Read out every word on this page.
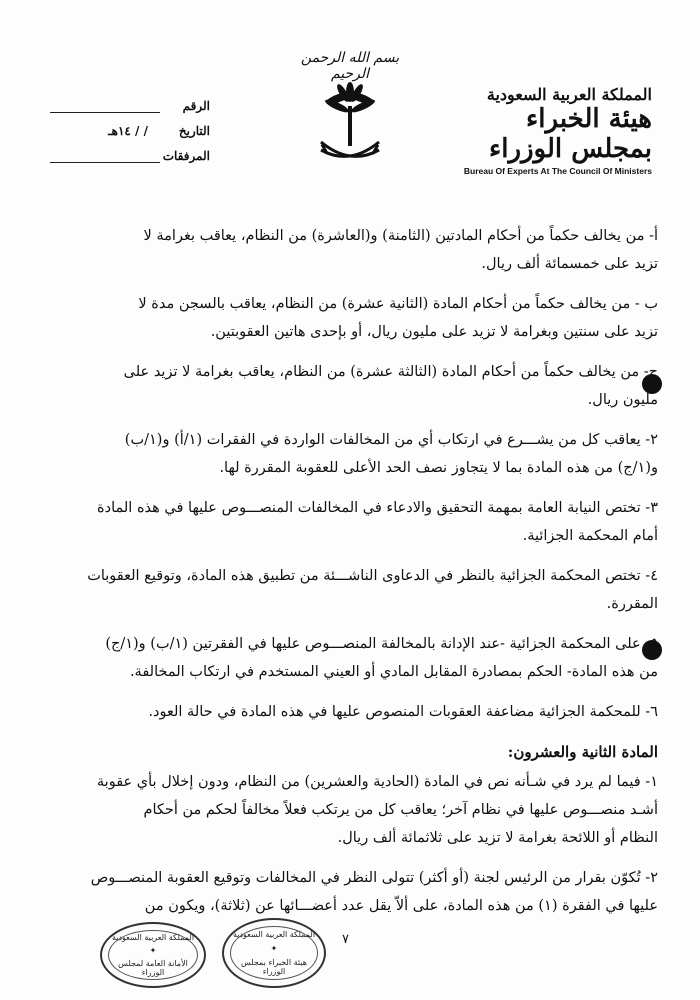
الرقم
التاريخ
/ / ١٤هـ
المرفقات
بسم الله الرحمن الرحيم
المملكة العربية السعودية
هيئة الخبراء بمجلس الوزراء
Bureau Of Experts At The Council Of Ministers

أ- من يخالف حكماً من أحكام المادتين (الثامنة) و(العاشرة) من النظام، يعاقب بغرامة لا

تزيد على خمسمائة ألف ريال.

ب - من يخالف حكماً من أحكام المادة (الثانية عشرة) من النظام، يعاقب بالسجن مدة لا

تزيد على سنتين وبغرامة لا تزيد على مليون ريال، أو بإحدى هاتين العقوبتين.

ج- من يخالف حكماً من أحكام المادة (الثالثة عشرة) من النظام، يعاقب بغرامة لا تزيد على

مليون ريال.

٢- يعاقب كل من يشـــرع في ارتكاب أي من المخالفات الواردة في الفقرات (١/أ) و(١/ب)

و(١/ج) من هذه المادة بما لا يتجاوز نصف الحد الأعلى للعقوبة المقررة لها.

٣- تختص النيابة العامة بمهمة التحقيق والادعاء في المخالفات المنصـــوص عليها في هذه المادة

أمام المحكمة الجزائية.

٤- تختص المحكمة الجزائية بالنظر في الدعاوى الناشـــئة من تطبيق هذه المادة، وتوقيع العقوبات

المقررة.

٥- على المحكمة الجزائية -عند الإدانة بالمخالفة المنصـــوص عليها في الفقرتين (١/ب) و(١/ج)

من هذه المادة- الحكم بمصادرة المقابل المادي أو العيني المستخدم في ارتكاب المخالفة.

٦- للمحكمة الجزائية مضاعفة العقوبات المنصوص عليها في هذه المادة في حالة العود.

المادة الثانية والعشرون:

١- فيما لم يرد في شـأنه نص في المادة (الحادية والعشرين) من النظام، ودون إخلال بأي عقوبة

أشـد منصـــوص عليها في نظام آخر؛ يعاقب كل من يرتكب فعلاً مخالفاً لحكم من أحكام

النظام أو اللائحة بغرامة لا تزيد على ثلاثمائة ألف ريال.

٢- تُكوّن بقرار من الرئيس لجنة (أو أكثر) تتولى النظر في المخالفات وتوقيع العقوبة المنصـــوص

عليها في الفقرة (١) من هذه المادة، على ألاّ يقل عدد أعضـــائها عن (ثلاثة)، ويكون من

٧
المملكة العربية السعودية
✦
الأمانة العامة لمجلس الوزراء
المملكة العربية السعودية
✦
هيئة الخبراء بمجلس الوزراء
